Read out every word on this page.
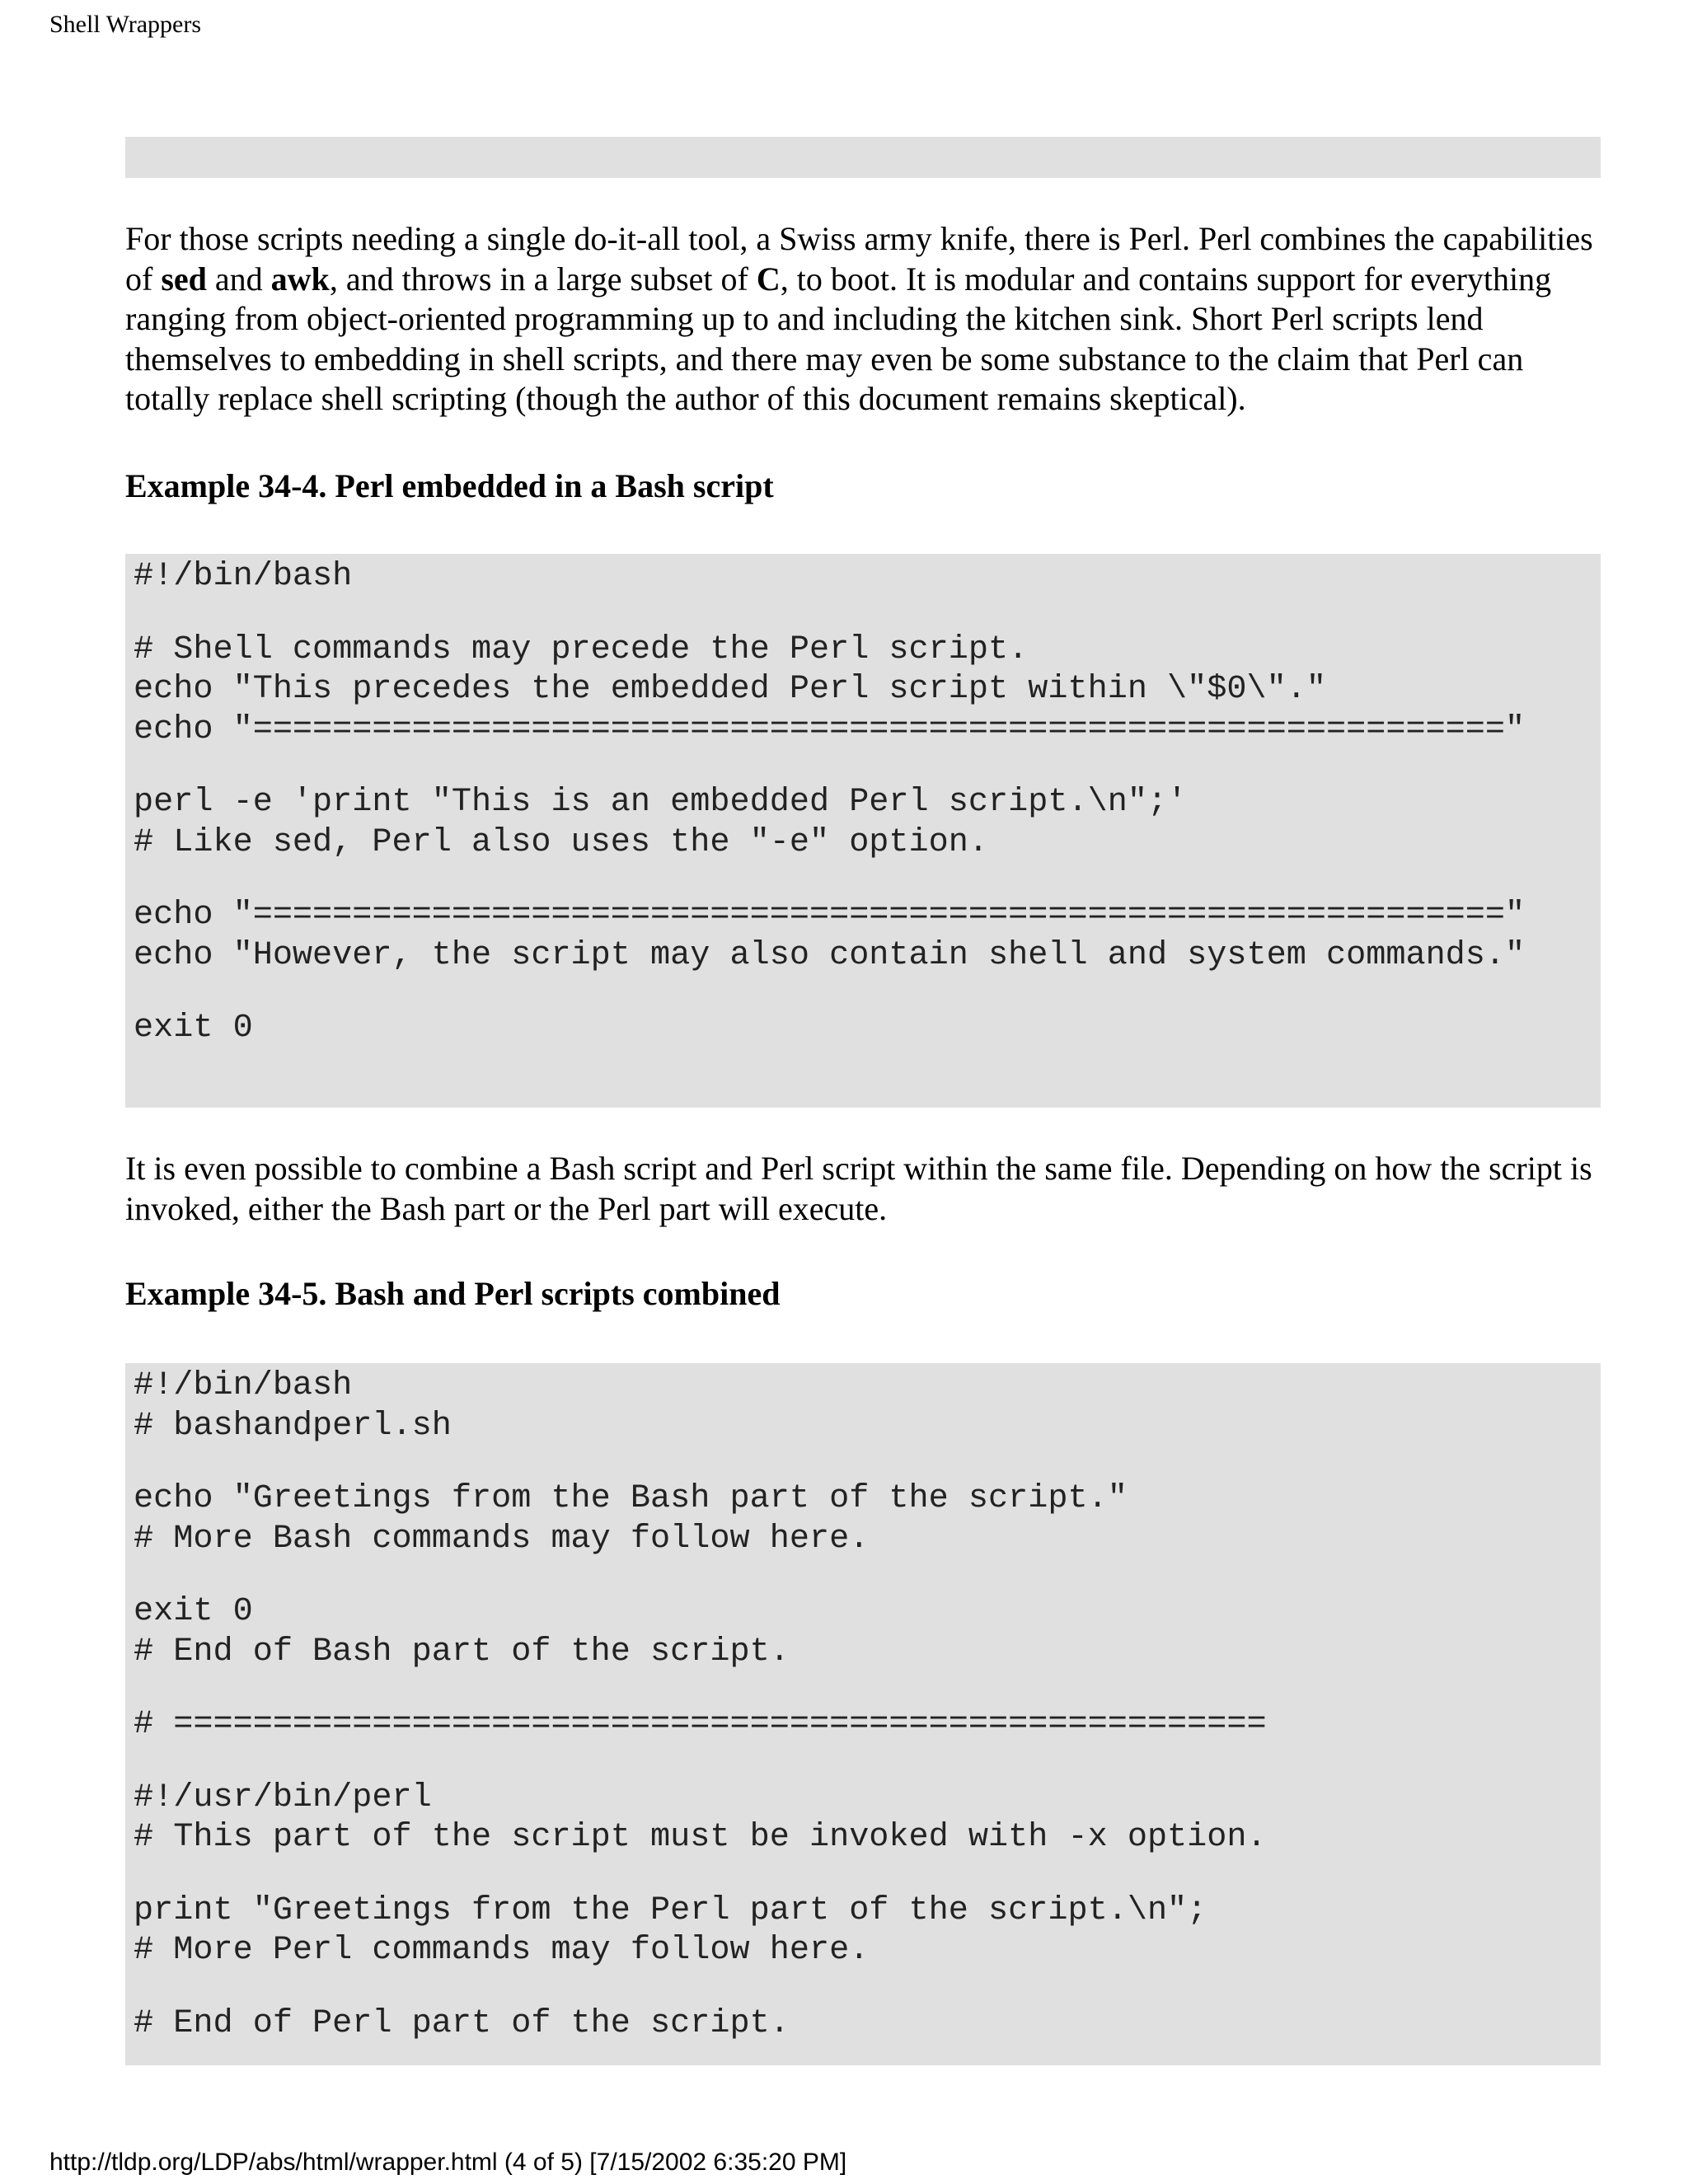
Shell Wrappers

For those scripts needing a single do-it-all tool, a Swiss army knife, there is Perl. Perl combines the capabilities of sed and awk, and throws in a large subset of C, to boot. It is modular and contains support for everything ranging from object-oriented programming up to and including the kitchen sink. Short Perl scripts lend themselves to embedding in shell scripts, and there may even be some substance to the claim that Perl can totally replace shell scripting (though the author of this document remains skeptical).

Example 34-4. Perl embedded in a Bash script
#!/bin/bash
# Shell commands may precede the Perl script.
echo "This precedes the embedded Perl script within \"$0\"."
echo "==============================================================="
perl -e 'print "This is an embedded Perl script.\n";'
# Like sed, Perl also uses the "-e" option.
echo "==============================================================="
echo "However, the script may also contain shell and system commands."
exit 0

It is even possible to combine a Bash script and Perl script within the same file. Depending on how the script is invoked, either the Bash part or the Perl part will execute.

Example 34-5. Bash and Perl scripts combined
#!/bin/bash
# bashandperl.sh
echo "Greetings from the Bash part of the script."
# More Bash commands may follow here.
exit 0
# End of Bash part of the script.
# =======================================================
#!/usr/bin/perl
# This part of the script must be invoked with -x option.
print "Greetings from the Perl part of the script.\n";
# More Perl commands may follow here.
# End of Perl part of the script.
http://tldp.org/LDP/abs/html/wrapper.html (4 of 5) [7/15/2002 6:35:20 PM]
